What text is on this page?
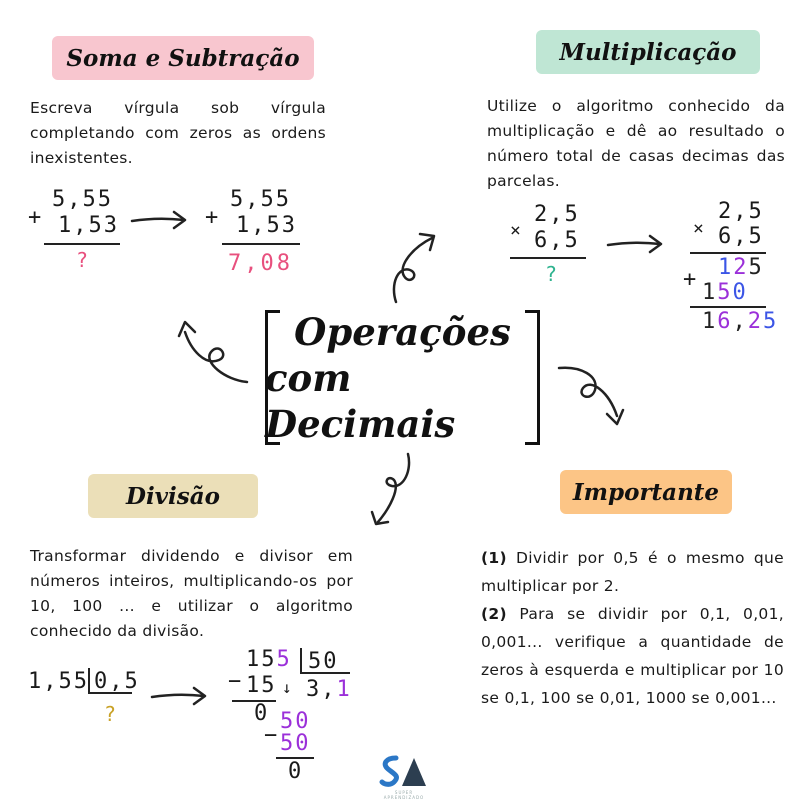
Soma e Subtração
Escreva vírgula sob vírgula completando com zeros as ordens inexistentes.
+
5,55
1,53
?
+
5,55
1,53
7,08
Multiplicação
Utilize o algoritmo conhecido da multiplicação e dê ao resultado o número total de casas decimas das parcelas.
×
2,5
6,5
?
×
2,5
6,5
+ 125
150
16,25
Operações
com Decimais
Divisão
Transformar dividendo e divisor em números inteiros, multiplicando-os por 10, 100 ... e utilizar o algoritmo conhecido da divisão.
1,55 0,5
?
155 50
− 15 ↓ 3,1
0 50
− 50
0
Importante

(1) Dividir por 0,5 é o mesmo que multiplicar por 2.

(2) Para se dividir por 0,1, 0,01, 0,001... verifique a quantidade de zeros à esquerda e multiplicar por 10 se 0,1, 100 se 0,01, 1000 se 0,001...

SUPER APRENDIZADO
